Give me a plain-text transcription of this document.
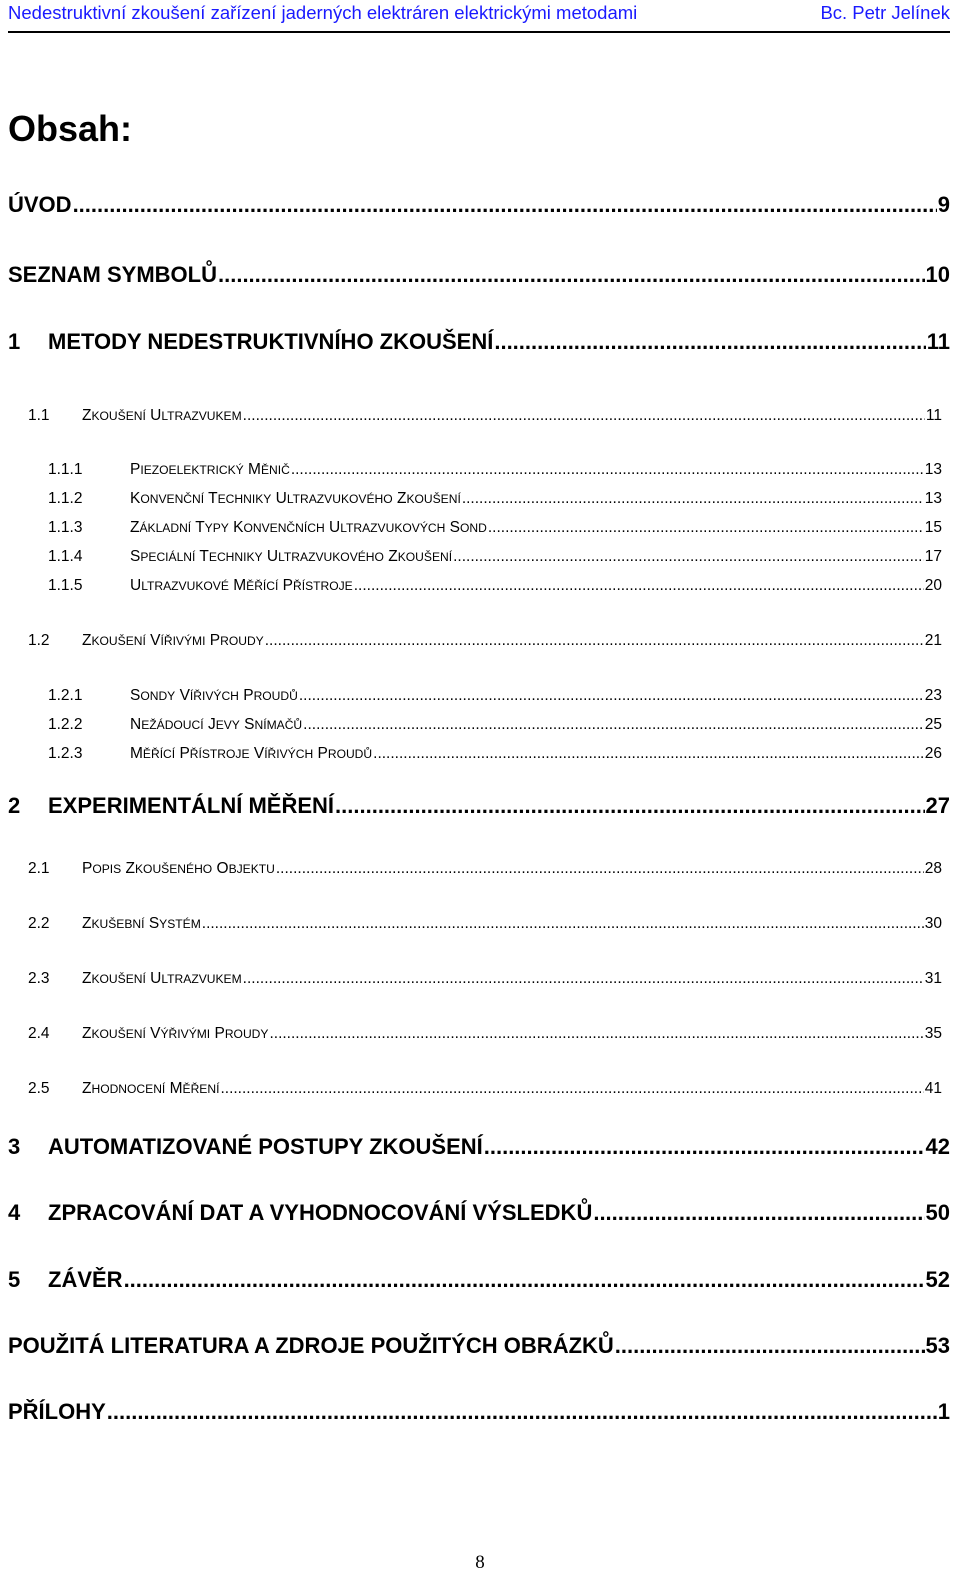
Nedestruktivní zkoušení zařízení jaderných elektráren elektrickými metodami	Bc. Petr Jelínek
Obsah:
ÚVOD .....	9
SEZNAM SYMBOLŮ .....	10
1	METODY NEDESTRUKTIVNÍHO ZKOUŠENÍ .....	11
1.1	ZKOUŠENÍ ULTRAZVUKEM .....	11
1.1.1	PIEZOELEKTRICKÝ MĚNIČ .....	13
1.1.2	KONVENČNÍ TECHNIKY ULTRAZVUKOVÉHO ZKOUŠENÍ .....	13
1.1.3	ZÁKLADNÍ TYPY KONVENČNÍCH ULTRAZVUKOVÝCH SOND .....	15
1.1.4	SPECIÁLNÍ TECHNIKY ULTRAZVUKOVÉHO ZKOUŠENÍ .....	17
1.1.5	ULTRAZVUKOVÉ MĚŘÍCÍ PŘÍSTROJE .....	20
1.2	ZKOUŠENÍ VÍŘIVÝMI PROUDY .....	21
1.2.1	SONDY VÍŘIVÝCH PROUDŮ .....	23
1.2.2	NEŽÁDOUCÍ JEVY SNÍMAČŮ .....	25
1.2.3	MĚŘÍCÍ PŘÍSTROJE VÍŘIVÝCH PROUDŮ .....	26
2	EXPERIMENTÁLNÍ MĚŘENÍ .....	27
2.1	POPIS ZKOUŠENÉHO OBJEKTU .....	28
2.2	ZKUŠEBNÍ SYSTÉM .....	30
2.3	ZKOUŠENÍ ULTRAZVUKEM .....	31
2.4	ZKOUŠENÍ VÝŘIVÝMI PROUDY .....	35
2.5	ZHODNOCENÍ MĚŘENÍ .....	41
3	AUTOMATIZOVANÉ POSTUPY ZKOUŠENÍ .....	42
4	ZPRACOVÁNÍ DAT A VYHODNOCOVÁNÍ VÝSLEDKŮ .....	50
5	ZÁVĚR .....	52
POUŽITÁ LITERATURA A ZDROJE POUŽITÝCH OBRÁZKŮ .....	53
PŘÍLOHY .....	1
8
